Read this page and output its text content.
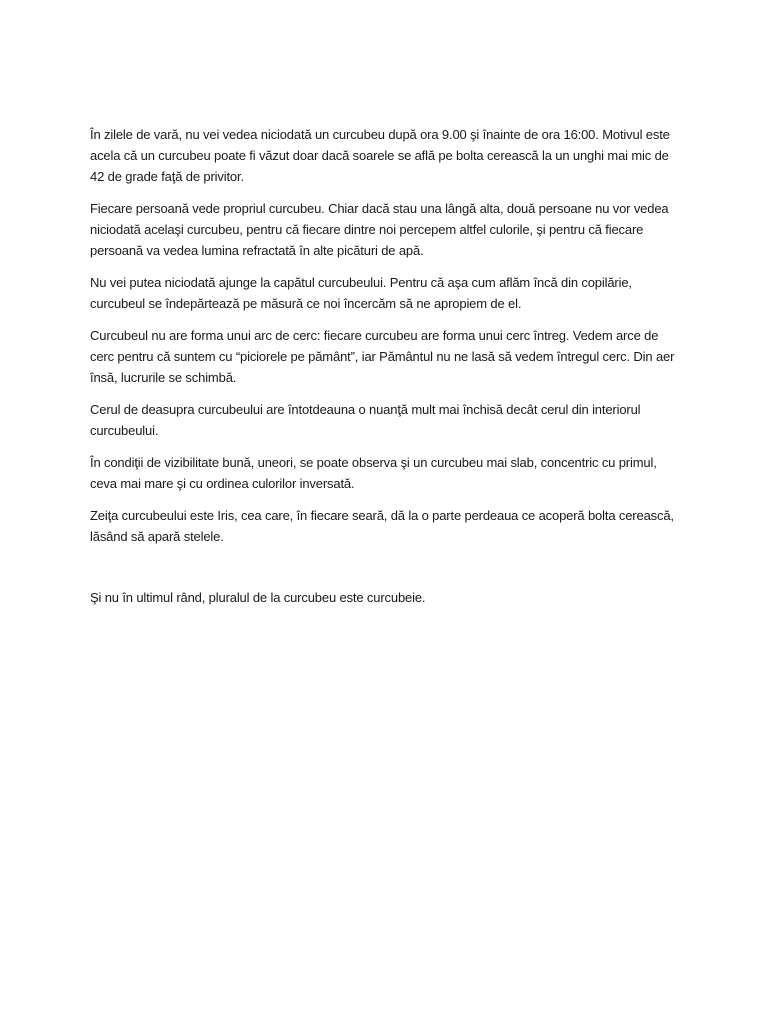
În zilele de vară, nu vei vedea niciodată un curcubeu după ora 9.00 şi înainte de ora 16:00. Motivul este acela că un curcubeu poate fi văzut doar dacă soarele se află pe bolta cerească la un unghi mai mic de 42 de grade faţă de privitor.

Fiecare persoană vede propriul curcubeu. Chiar dacă stau una lângă alta, două persoane nu vor vedea niciodată acelaşi curcubeu, pentru că fiecare dintre noi percepem altfel culorile, şi pentru că fiecare persoană va vedea lumina refractată în alte picături de apă.

Nu vei putea niciodată ajunge la capătul curcubeului. Pentru că aşa cum aflăm încă din copilărie, curcubeul se îndepărtează pe măsură ce noi încercăm să ne apropiem de el.

Curcubeul nu are forma unui arc de cerc: fiecare curcubeu are forma unui cerc întreg. Vedem arce de cerc pentru că suntem cu “piciorele pe pământ”, iar Pământul nu ne lasă să vedem întregul cerc. Din aer însă, lucrurile se schimbă.

Cerul de deasupra curcubeului are întotdeauna o nuanţă mult mai închisă decât cerul din interiorul curcubeului.

În condiţii de vizibilitate bună, uneori, se poate observa şi un curcubeu mai slab, concentric cu primul, ceva mai mare şi cu ordinea culorilor inversată.

Zeiţa curcubeului este Iris, cea care, în fiecare seară, dă la o parte perdeaua ce acoperă bolta cerească, lăsând să apară stelele.

Şi nu în ultimul rând, pluralul de la curcubeu este curcubeie.
